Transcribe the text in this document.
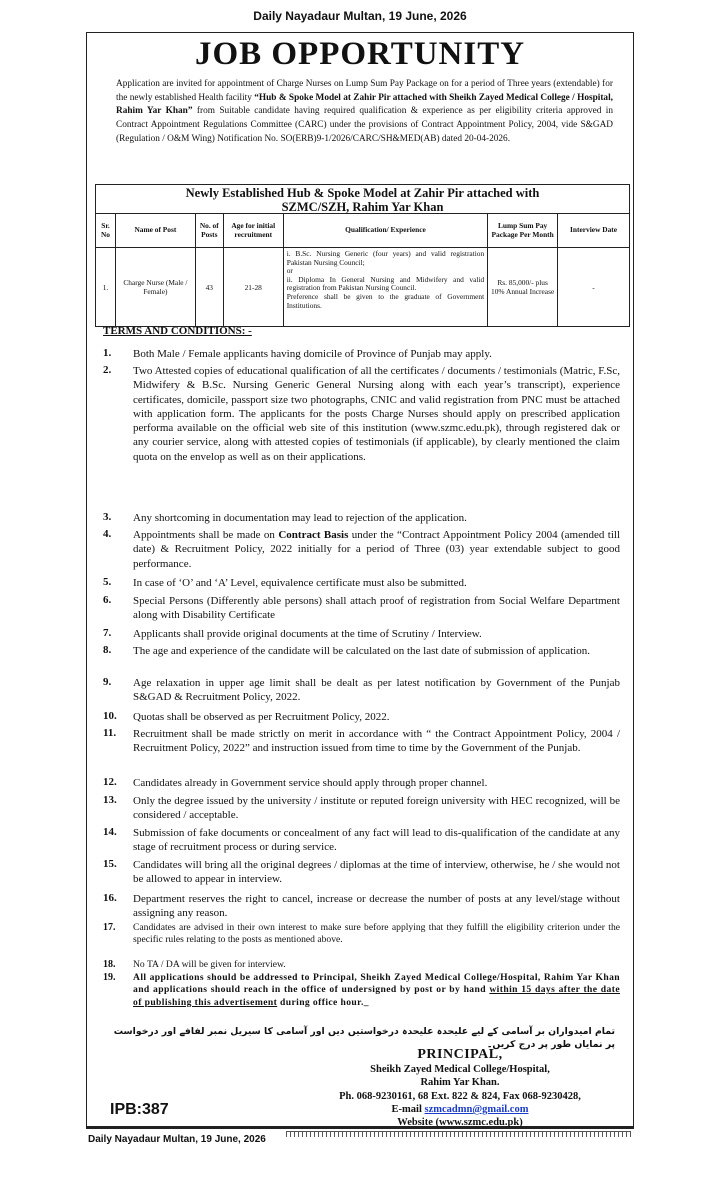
Daily Nayadaur Multan, 19 June, 2026
JOB OPPORTUNITY
Application are invited for appointment of Charge Nurses on Lump Sum Pay Package on for a period of Three years (extendable) for the newly established Health facility “Hub & Spoke Model at Zahir Pir attached with Sheikh Zayed Medical College / Hospital, Rahim Yar Khan” from Suitable candidate having required qualification & experience as per eligibility criteria approved in Contract Appointment Regulations Committee (CARC) under the provisions of Contract Appointment Policy, 2004, vide S&GAD (Regulation / O&M Wing) Notification No. SO(ERB)9-1/2026/CARC/SH&MED(AB) dated 20-04-2026.
Newly Established Hub & Spoke Model at Zahir Pir attached with
SZMC/SZH, Rahim Yar Khan
Sr. No	Name of Post	No. of Posts	Age for initial recruitment	Qualification/ Experience	Lump Sum Pay Package Per Month	Interview Date
1.	Charge Nurse (Male / Female)	43	21-28	i. B.Sc. Nursing Generic (four years) and valid registration Pakistan Nursing Council;
or
ii. Diploma In General Nursing and Midwifery and valid registration from Pakistan Nursing Council.
Preference shall be given to the graduate of Government Institutions.	Rs. 85,000/- plus 10% Annual Increase	-
TERMS AND CONDITIONS: -
1. Both Male / Female applicants having domicile of Province of Punjab may apply.
2. Two Attested copies of educational qualification of all the certificates / documents / testimonials (Matric, F.Sc, Midwifery & B.Sc. Nursing Generic General Nursing along with each year’s transcript), experience certificates, domicile, passport size two photographs, CNIC and valid registration from PNC must be attached with application form. The applicants for the posts Charge Nurses should apply on prescribed application performa available on the official web site of this institution (www.szmc.edu.pk), through registered dak or any courier service, along with attested copies of testimonials (if applicable), by clearly mentioned the claim quota on the envelop as well as on their applications.
3. Any shortcoming in documentation may lead to rejection of the application.
4. Appointments shall be made on Contract Basis under the “Contract Appointment Policy 2004 (amended till date) & Recruitment Policy, 2022 initially for a period of Three (03) year extendable subject to good performance.
5. In case of ‘O’ and ‘A’ Level, equivalence certificate must also be submitted.
6. Special Persons (Differently able persons) shall attach proof of registration from Social Welfare Department along with Disability Certificate
7. Applicants shall provide original documents at the time of Scrutiny / Interview.
8. The age and experience of the candidate will be calculated on the last date of submission of application.
9. Age relaxation in upper age limit shall be dealt as per latest notification by Government of the Punjab S&GAD & Recruitment Policy, 2022.
10. Quotas shall be observed as per Recruitment Policy, 2022.
11. Recruitment shall be made strictly on merit in accordance with “ the Contract Appointment Policy, 2004 / Recruitment Policy, 2022” and instruction issued from time to time by the Government of the Punjab.
12. Candidates already in Government service should apply through proper channel.
13. Only the degree issued by the university / institute or reputed foreign university with HEC recognized, will be considered / acceptable.
14. Submission of fake documents or concealment of any fact will lead to dis-qualification of the candidate at any stage of recruitment process or during service.
15. Candidates will bring all the original degrees / diplomas at the time of interview, otherwise, he / she would not be allowed to appear in interview.
16. Department reserves the right to cancel, increase or decrease the number of posts at any level/stage without assigning any reason.
17. Candidates are advised in their own interest to make sure before applying that they fulfill the eligibility criterion under the specific rules relating to the posts as mentioned above.
18. No TA / DA will be given for interview.
19. All applications should be addressed to Principal, Sheikh Zayed Medical College/Hospital, Rahim Yar Khan and applications should reach in the office of undersigned by post or by hand within 15 days after the date of publishing this advertisement during office hour._
تمام امیدواران بر آسامی کے لیے علیحدہ علیحدہ درخواستیں دیں اور آسامی کا سیریل نمبر لفافے اور درخواست پر نمایاں طور پر درج کریں۔
PRINCIPAL,
Sheikh Zayed Medical College/Hospital,
Rahim Yar Khan.
Ph. 068-9230161, 68 Ext. 822 & 824, Fax 068-9230428,
E-mail szmcadmn@gmail.com
Website (www.szmc.edu.pk)
IPB:387
Daily Nayadaur Multan, 19 June, 2026
